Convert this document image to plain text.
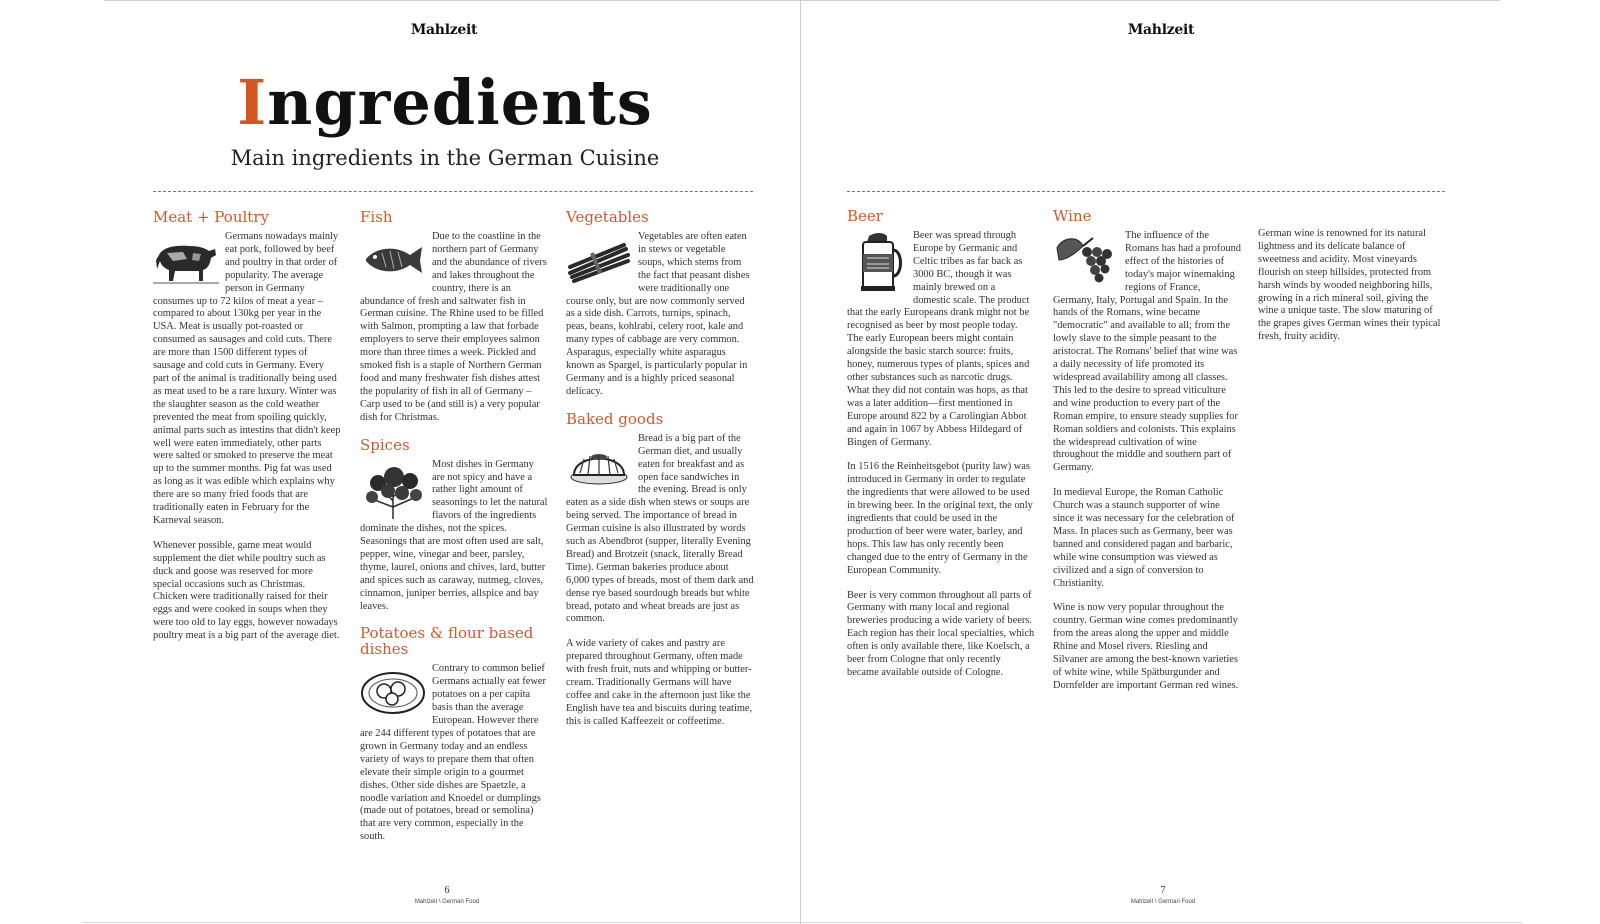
Mahlzeit
Ingredients
Main ingredients in the German Cuisine
Meat + Poultry

Germans nowadays mainly eat pork, followed by beef and poultry in that order of popularity. The average person in Germany consumes up to 72 kilos of meat a year – compared to about 130kg per year in the USA. Meat is usually pot-roasted or consumed as sausages and cold cuts. There are more than 1500 different types of sausage and cold cuts in Germany. Every part of the animal is traditionally being used as meat used to be a rare luxury. Winter was the slaughter season as the cold weather prevented the meat from spoiling quickly, animal parts such as intestins that didn't keep well were eaten immediately, other parts were salted or smoked to preserve the meat up to the summer months. Pig fat was used as long as it was edible which explains why there are so many fried foods that are traditionally eaten in February for the Karneval season.

Whenever possible, game meat would supplement the diet while poultry such as duck and goose was reserved for more special occasions such as Christmas. Chicken were traditionally raised for their eggs and were cooked in soups when they were too old to lay eggs, however nowadays poultry meat is a big part of the average diet.

Fish

Due to the coastline in the northern part of Germany and the abundance of rivers and lakes throughout the country, there is an abundance of fresh and saltwater fish in German cuisine. The Rhine used to be filled with Salmon, prompting a law that forbade employers to serve their employees salmon more than three times a week. Pickled and smoked fish is a staple of Northern German food and many freshwater fish dishes attest the popularity of fish in all of Germany – Carp used to be (and still is) a very popular dish for Christmas.

Spices

Most dishes in Germany are not spicy and have a rather light amount of seasonings to let the natural flavors of the ingredients dominate the dishes, not the spices. Seasonings that are most often used are salt, pepper, wine, vinegar and beer, parsley, thyme, laurel, onions and chives, lard, butter and spices such as caraway, nutmeg, cloves, cinnamon, juniper berries, allspice and bay leaves.

Potatoes & flour based dishes

Contrary to common belief Germans actually eat fewer potatoes on a per capita basis than the average European. However there are 244 different types of potatoes that are grown in Germany today and an endless variety of ways to prepare them that often elevate their simple origin to a gourmet dishes. Other side dishes are Spaetzle, a noodle variation and Knoedel or dumplings (made out of potatoes, bread or semolina) that are very common, especially in the south.

Vegetables

Vegetables are often eaten in stews or vegetable soups, which stems from the fact that peasant dishes were traditionally one course only, but are now commonly served as a side dish. Carrots, turnips, spinach, peas, beans, kohlrabi, celery root, kale and many types of cabbage are very common. Asparagus, especially white asparagus known as Spargel, is particularly popular in Germany and is a highly priced seasonal delicacy.

Baked goods

Bread is a big part of the German diet, and usually eaten for breakfast and as open face sandwiches in the evening. Bread is only eaten as a side dish when stews or soups are being served. The importance of bread in German cuisine is also illustrated by words such as Abendbrot (supper, literally Evening Bread) and Brotzeit (snack, literally Bread Time). German bakeries produce about 6,000 types of breads, most of them dark and dense rye based sourdough breads but white bread, potato and wheat breads are just as common.

A wide variety of cakes and pastry are prepared throughout Germany, often made with fresh fruit, nuts and whipping or butter-cream. Traditionally Germans will have coffee and cake in the afternoon just like the English have tea and biscuits during teatime, this is called Kaffeezeit or coffeetime.

6
Mahlzeit \ German Food
Mahlzeit
Beer

Beer was spread through Europe by Germanic and Celtic tribes as far back as 3000 BC, though it was mainly brewed on a domestic scale. The product that the early Europeans drank might not be recognised as beer by most people today. The early European beers might contain alongside the basic starch source: fruits, honey, numerous types of plants, spices and other substances such as narcotic drugs. What they did not contain was hops, as that was a later addition—first mentioned in Europe around 822 by a Carolingian Abbot and again in 1067 by Abbess Hildegard of Bingen of Germany.

In 1516 the Reinheitsgebot (purity law) was introduced in Germany in order to regulate the ingredients that were allowed to be used in brewing beer. In the original text, the only ingredients that could be used in the production of beer were water, barley, and hops. This law has only recently been changed due to the entry of Germany in the European Community.

Beer is very common throughout all parts of Germany with many local and regional breweries producing a wide variety of beers. Each region has their local specialties, which often is only available there, like Koelsch, a beer from Cologne that only recently became available outside of Cologne.

Wine

The influence of the Romans has had a profound effect of the histories of today's major winemaking regions of France, Germany, Italy, Portugal and Spain. In the hands of the Romans, wine became "democratic" and available to all; from the lowly slave to the simple peasant to the aristocrat. The Romans' belief that wine was a daily necessity of life promoted its widespread availability among all classes. This led to the desire to spread viticulture and wine production to every part of the Roman empire, to ensure steady supplies for Roman soldiers and colonists. This explains the widespread cultivation of wine throughout the middle and southern part of Germany.

In medieval Europe, the Roman Catholic Church was a staunch supporter of wine since it was necessary for the celebration of Mass. In places such as Germany, beer was banned and considered pagan and barbaric, while wine consumption was viewed as civilized and a sign of conversion to Christianity.

Wine is now very popular throughout the country. German wine comes predominantly from the areas along the upper and middle Rhine and Mosel rivers. Riesling and Silvaner are among the best-known varieties of white wine, while Spätburgunder and Dornfelder are important German red wines.

German wine is renowned for its natural lightness and its delicate balance of sweetness and acidity. Most vineyards flourish on steep hillsides, protected from harsh winds by wooded neighboring hills, growing in a rich mineral soil, giving the wine a unique taste. The slow maturing of the grapes gives German wines their typical fresh, fruity acidity.

7
Mahlzeit \ German Food
